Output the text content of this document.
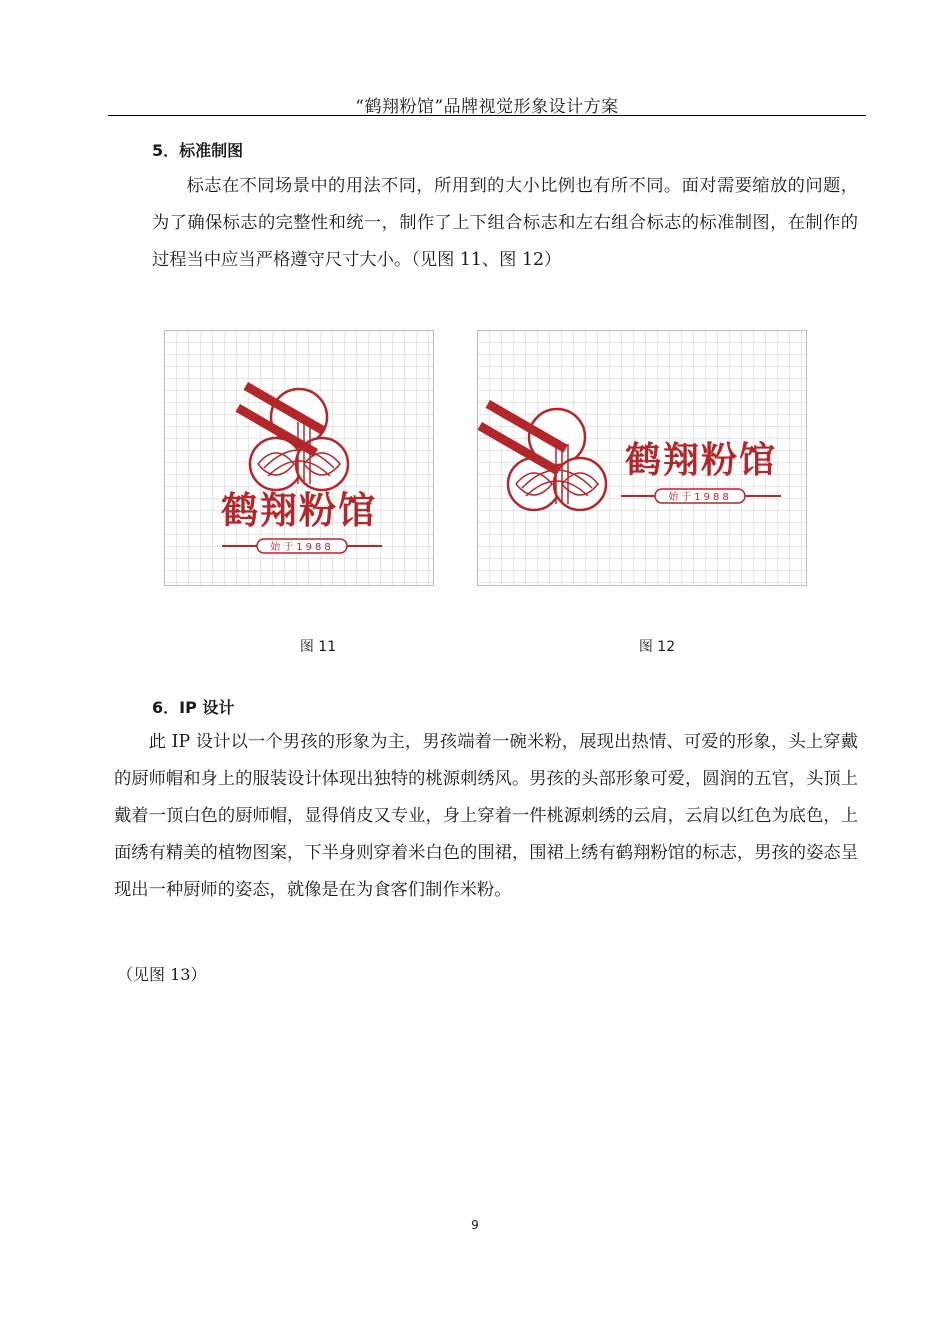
“鹤翔粉馆”品牌视觉形象设计方案
5．标准制图

标志在不同场景中的用法不同，所用到的大小比例也有所不同。面对需要缩放的问题，为了确保标志的完整性和统一，制作了上下组合标志和左右组合标志的标准制图，在制作的过程当中应当严格遵守尺寸大小。（见图 11、图 12）

鹤翔粉馆
始于1988
鹤翔粉馆
始于1988
图 11	图 12
6．IP 设计

此 IP 设计以一个男孩的形象为主，男孩端着一碗米粉，展现出热情、可爱的形象，头上穿戴的厨师帽和身上的服装设计体现出独特的桃源刺绣风。男孩的头部形象可爱，圆润的五官，头顶上戴着一顶白色的厨师帽，显得俏皮又专业，身上穿着一件桃源刺绣的云肩，云肩以红色为底色，上面绣有精美的植物图案，下半身则穿着米白色的围裙，围裙上绣有鹤翔粉馆的标志，男孩的姿态呈现出一种厨师的姿态，就像是在为食客们制作米粉。

（见图 13）
9
